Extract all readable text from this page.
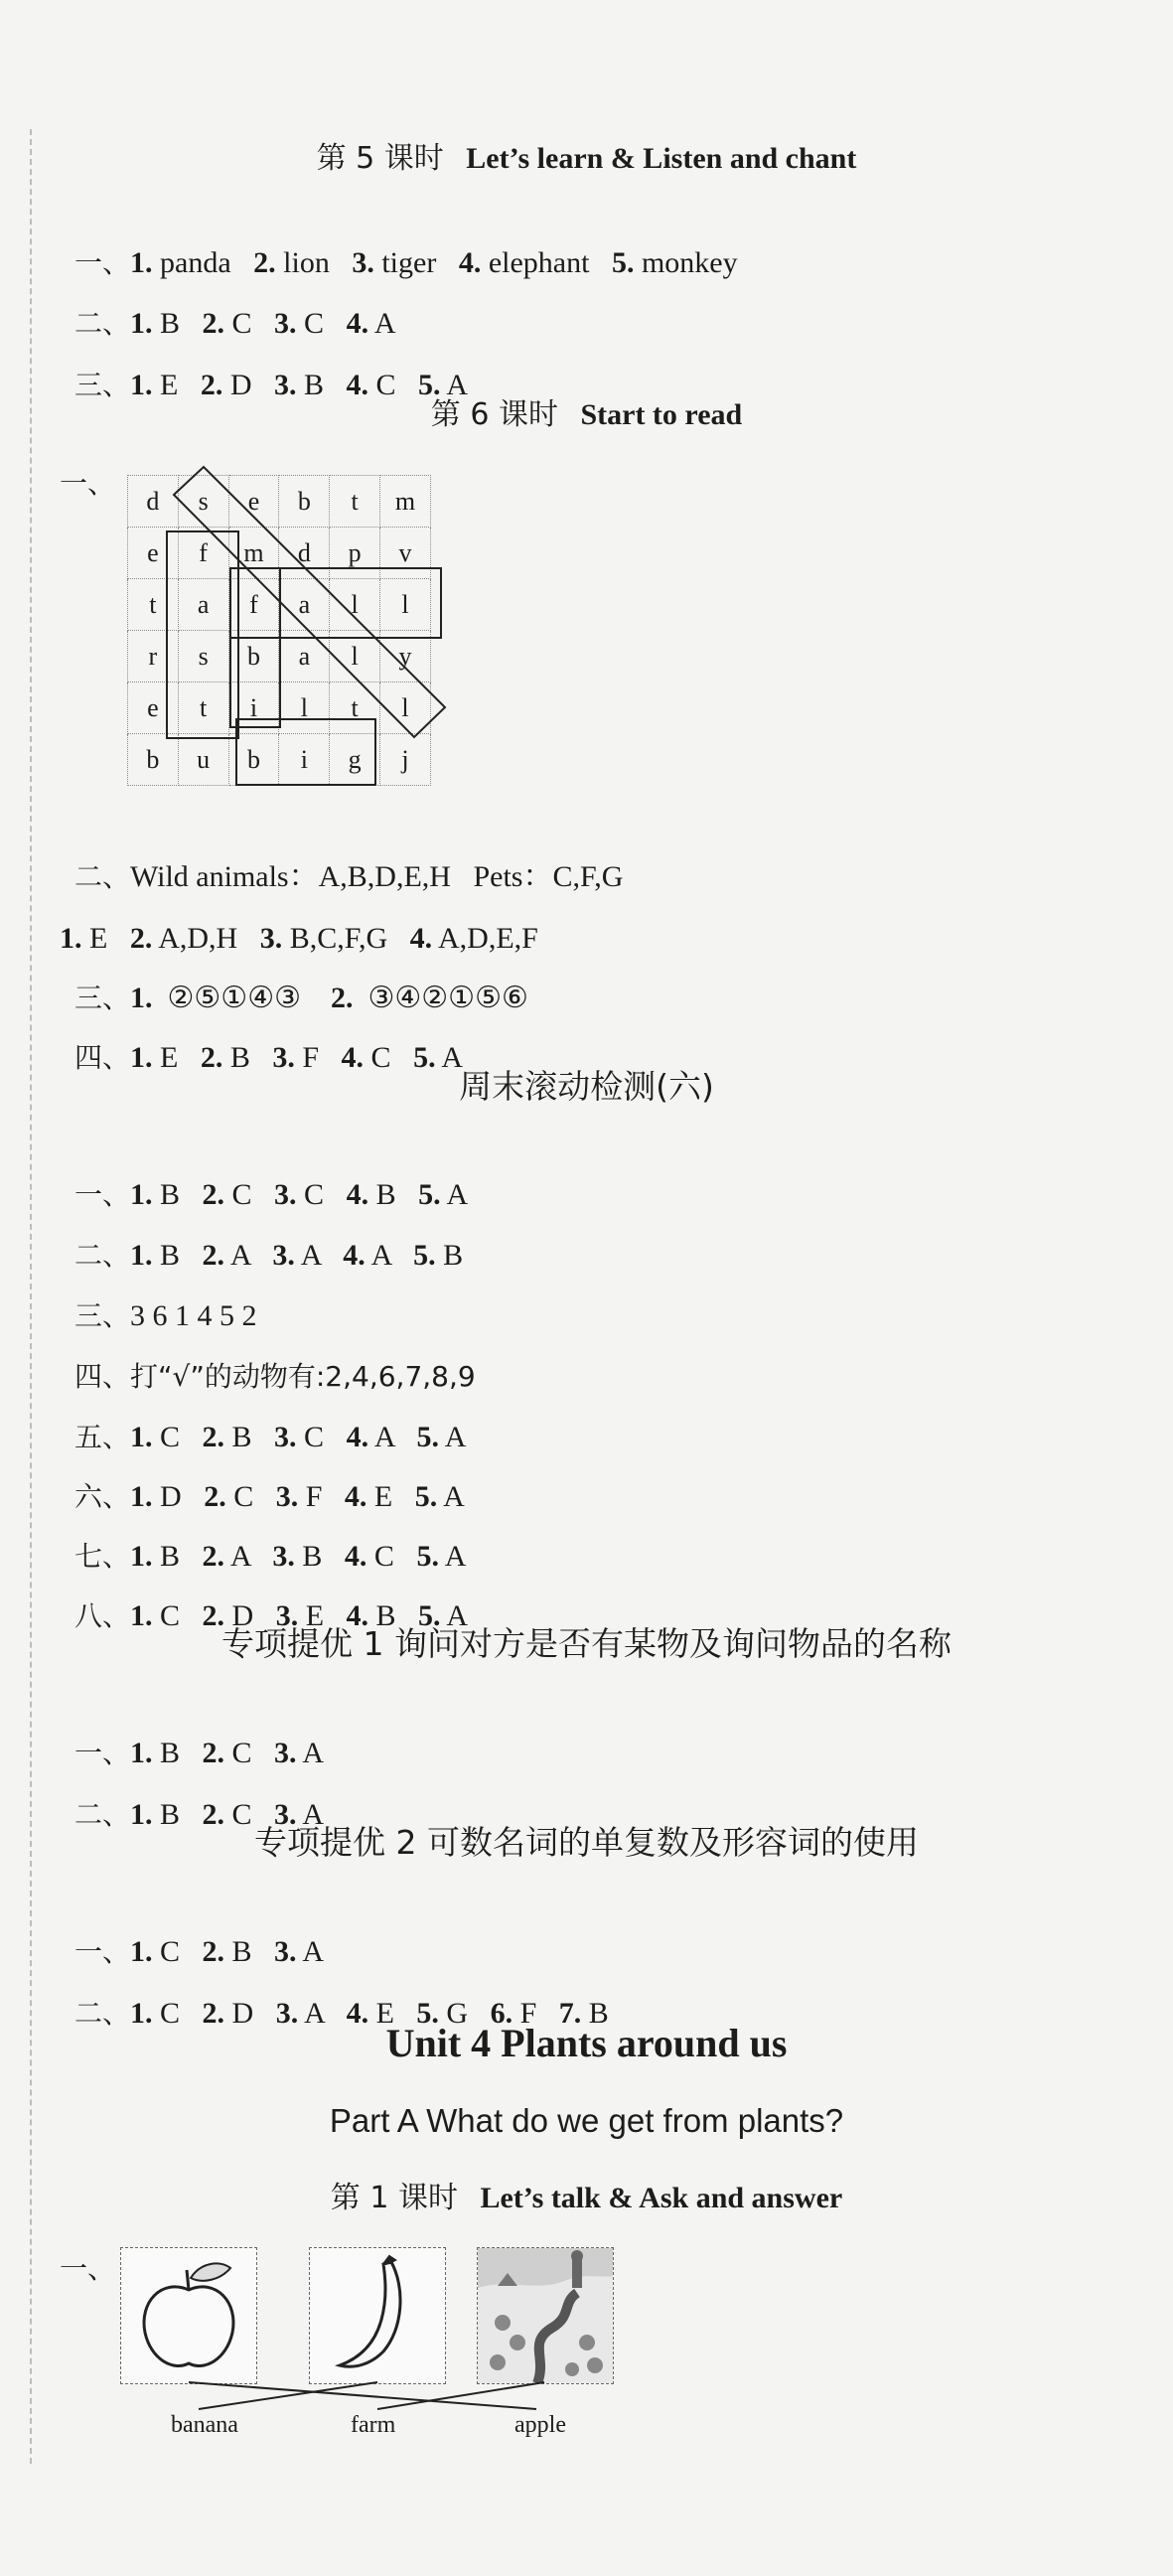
第 5 课时 Let’s learn & Listen and chant

一、1. panda 2. lion 3. tiger 4. elephant 5. monkey

二、1. B 2. C 3. C 4. A

三、1. E 2. D 3. B 4. C 5. A

第 6 课时 Start to read
一、
d	s	e	b	t	m
e	f	m	d	p	v
t	a	f	a	l	l
r	s	b	a	l	y
e	t	i	l	t	l
b	u	b	i	g	j

二、Wild animals：A,B,D,E,H   Pets：C,F,G

1. E 2. A,D,H 3. B,C,F,G 4. A,D,E,F

三、1. ②⑤①④③ 2. ③④②①⑤⑥

四、1. E 2. B 3. F 4. C 5. A

周末滚动检测(六)

一、1. B 2. C 3. C 4. B 5. A

二、1. B 2. A 3. A 4. A 5. B

三、3 6 1 4 5 2

四、打“√”的动物有:2,4,6,7,8,9

五、1. C 2. B 3. C 4. A 5. A

六、1. D 2. C 3. F 4. E 5. A

七、1. B 2. A 3. B 4. C 5. A

八、1. C 2. D 3. E 4. B 5. A

专项提优 1 询问对方是否有某物及询问物品的名称

一、1. B 2. C 3. A

二、1. B 2. C 3. A

专项提优 2 可数名词的单复数及形容词的使用

一、1. C 2. B 3. A

二、1. C 2. D 3. A 4. E 5. G 6. F 7. B

Unit 4 Plants around us
Part A What do we get from plants?
第 1 课时 Let’s talk & Ask and answer
一、
banana	farm	apple
